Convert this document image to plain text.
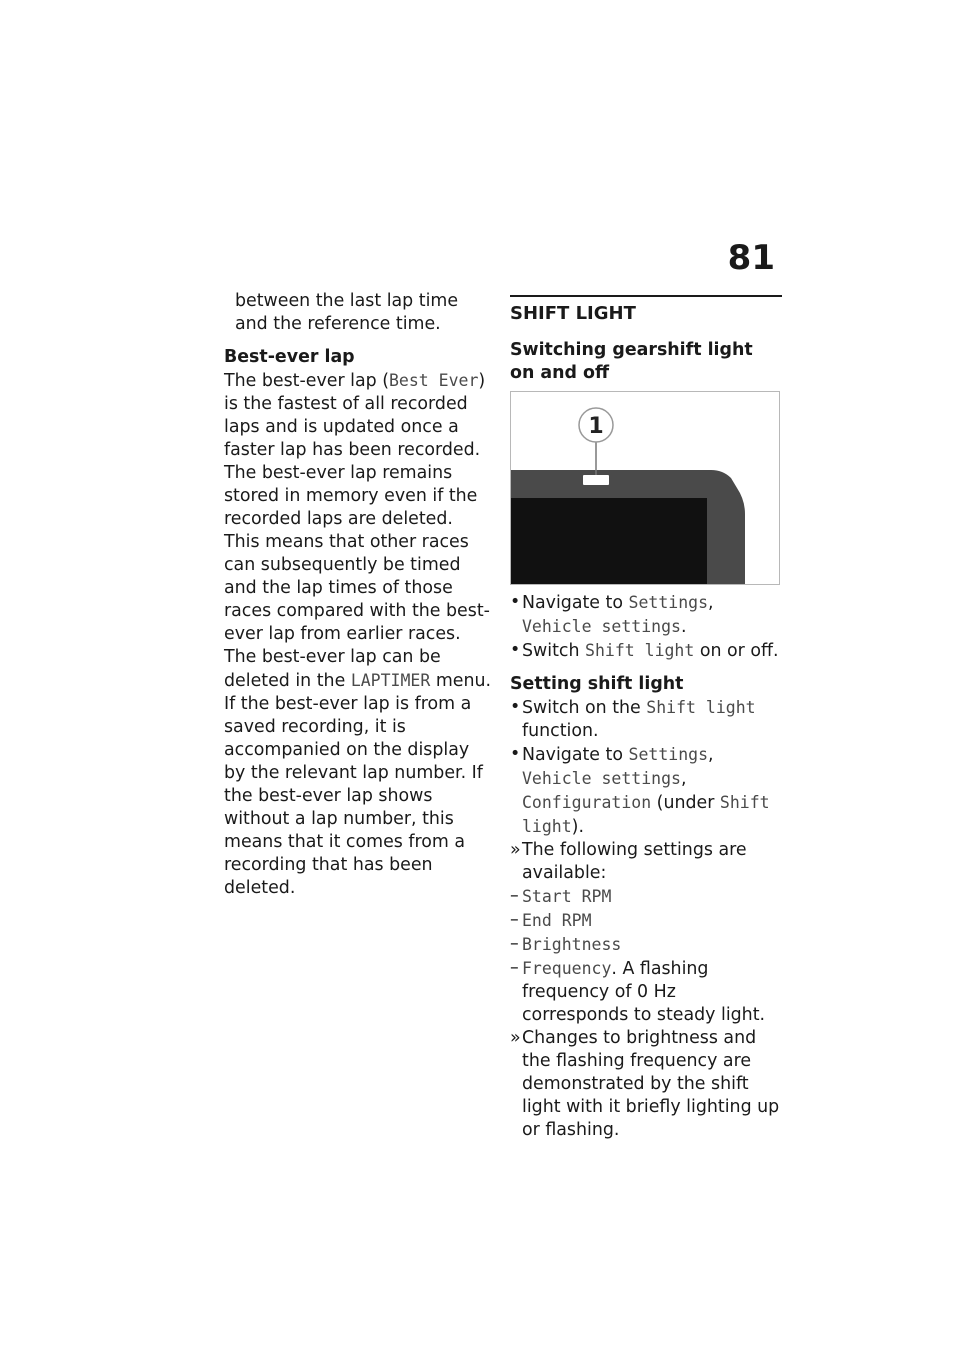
81

between the last lap time and the reference time.

Best-ever lap

The best-ever lap (Best Ever) is the fastest of all recorded laps and is updated once a faster lap has been recorded.

The best-ever lap remains stored in memory even if the recorded laps are deleted. This means that other races can subsequently be timed and the lap times of those races compared with the best-ever lap from earlier races.

The best-ever lap can be deleted in the LAPTIMER menu.

If the best-ever lap is from a saved recording, it is accompanied on the display by the relevant lap number. If the best-ever lap shows without a lap number, this means that it comes from a recording that has been deleted.

SHIFT LIGHT

Switching gearshift light on and off

1
• Navigate to Settings, Vehicle settings.
• Switch Shift light on or off.

Setting shift light

• Switch on the Shift light function.
• Navigate to Settings, Vehicle settings, Configuration (under Shift light).
» The following settings are available:
– Start RPM
– End RPM
– Brightness
– Frequency. A flashing frequency of 0 Hz corresponds to steady light.
» Changes to brightness and the flashing frequency are demonstrated by the shift light with it briefly lighting up or flashing.
